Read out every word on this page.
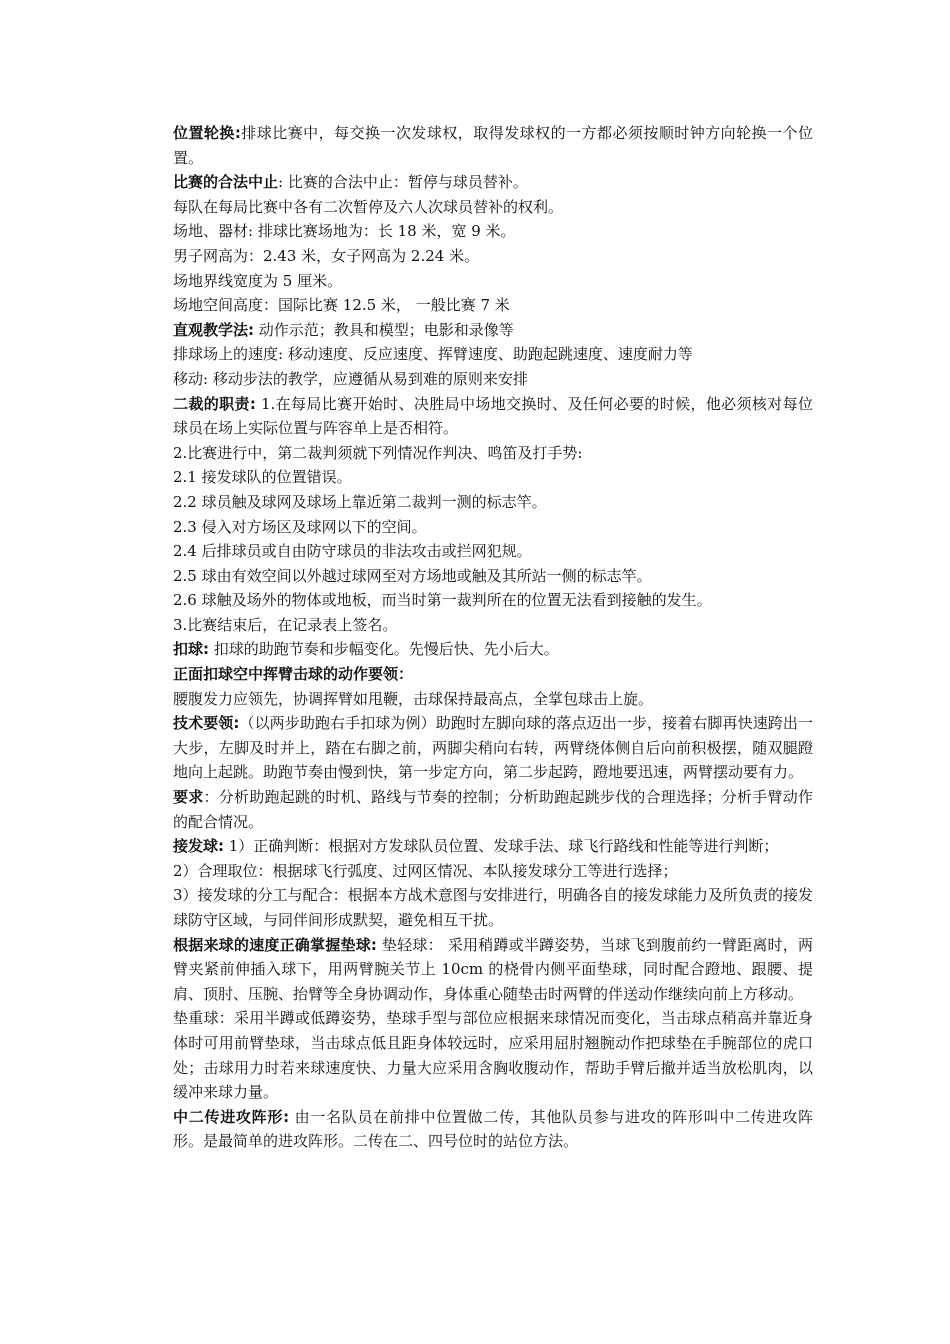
位置轮换:排球比赛中，每交换一次发球权，取得发球权的一方都必须按顺时钟方向轮换一个位置。

比赛的合法中止: 比赛的合法中止：暂停与球员替补。

每队在每局比赛中各有二次暂停及六人次球员替补的权利。

场地、器材: 排球比赛场地为：长 18 米，宽 9 米。

男子网高为：2.43 米，女子网高为 2.24 米。

场地界线宽度为 5 厘米。

场地空间高度：国际比赛 12.5 米， 一般比赛 7 米

直观教学法: 动作示范；教具和模型；电影和录像等

排球场上的速度: 移动速度、反应速度、挥臂速度、助跑起跳速度、速度耐力等

移动: 移动步法的教学，应遵循从易到难的原则来安排

二裁的职责: 1.在每局比赛开始时、决胜局中场地交换时、及任何必要的时候，他必须核对每位球员在场上实际位置与阵容单上是否相符。

2.比赛进行中，第二裁判须就下列情况作判决、鸣笛及打手势:

2.1 接发球队的位置错误。

2.2 球员触及球网及球场上靠近第二裁判一测的标志竿。

2.3 侵入对方场区及球网以下的空间。

2.4 后排球员或自由防守球员的非法攻击或拦网犯规。

2.5 球由有效空间以外越过球网至对方场地或触及其所站一侧的标志竿。

2.6 球触及场外的物体或地板，而当时第一裁判所在的位置无法看到接触的发生。

3.比赛结束后，在记录表上签名。

扣球: 扣球的助跑节奏和步幅变化。先慢后快、先小后大。

正面扣球空中挥臂击球的动作要领：

腰腹发力应领先，协调挥臂如甩鞭，击球保持最高点，全掌包球击上旋。

技术要领:（以两步助跑右手扣球为例）助跑时左脚向球的落点迈出一步，接着右脚再快速跨出一大步，左脚及时并上，踏在右脚之前，两脚尖稍向右转，两臂绕体侧自后向前积极摆，随双腿蹬地向上起跳。助跑节奏由慢到快，第一步定方向，第二步起跨，蹬地要迅速，两臂摆动要有力。

要求：分析助跑起跳的时机、路线与节奏的控制；分析助跑起跳步伐的合理选择；分析手臂动作的配合情况。

接发球: 1）正确判断：根据对方发球队员位置、发球手法、球飞行路线和性能等进行判断；

2）合理取位：根据球飞行弧度、过网区情况、本队接发球分工等进行选择；

3）接发球的分工与配合：根据本方战术意图与安排进行，明确各自的接发球能力及所负责的接发球防守区域，与同伴间形成默契，避免相互干扰。

根据来球的速度正确掌握垫球: 垫轻球： 采用稍蹲或半蹲姿势，当球飞到腹前约一臂距离时，两臂夹紧前伸插入球下，用两臂腕关节上 10cm 的桡骨内侧平面垫球，同时配合蹬地、跟腰、提肩、顶肘、压腕、抬臂等全身协调动作，身体重心随垫击时两臂的伴送动作继续向前上方移动。

垫重球：采用半蹲或低蹲姿势，垫球手型与部位应根据来球情况而变化，当击球点稍高并靠近身体时可用前臂垫球，当击球点低且距身体较远时，应采用屈肘翘腕动作把球垫在手腕部位的虎口处；击球用力时若来球速度快、力量大应采用含胸收腹动作，帮助手臂后撤并适当放松肌肉，以缓冲来球力量。

中二传进攻阵形: 由一名队员在前排中位置做二传，其他队员参与进攻的阵形叫中二传进攻阵形。是最简单的进攻阵形。二传在二、四号位时的站位方法。
